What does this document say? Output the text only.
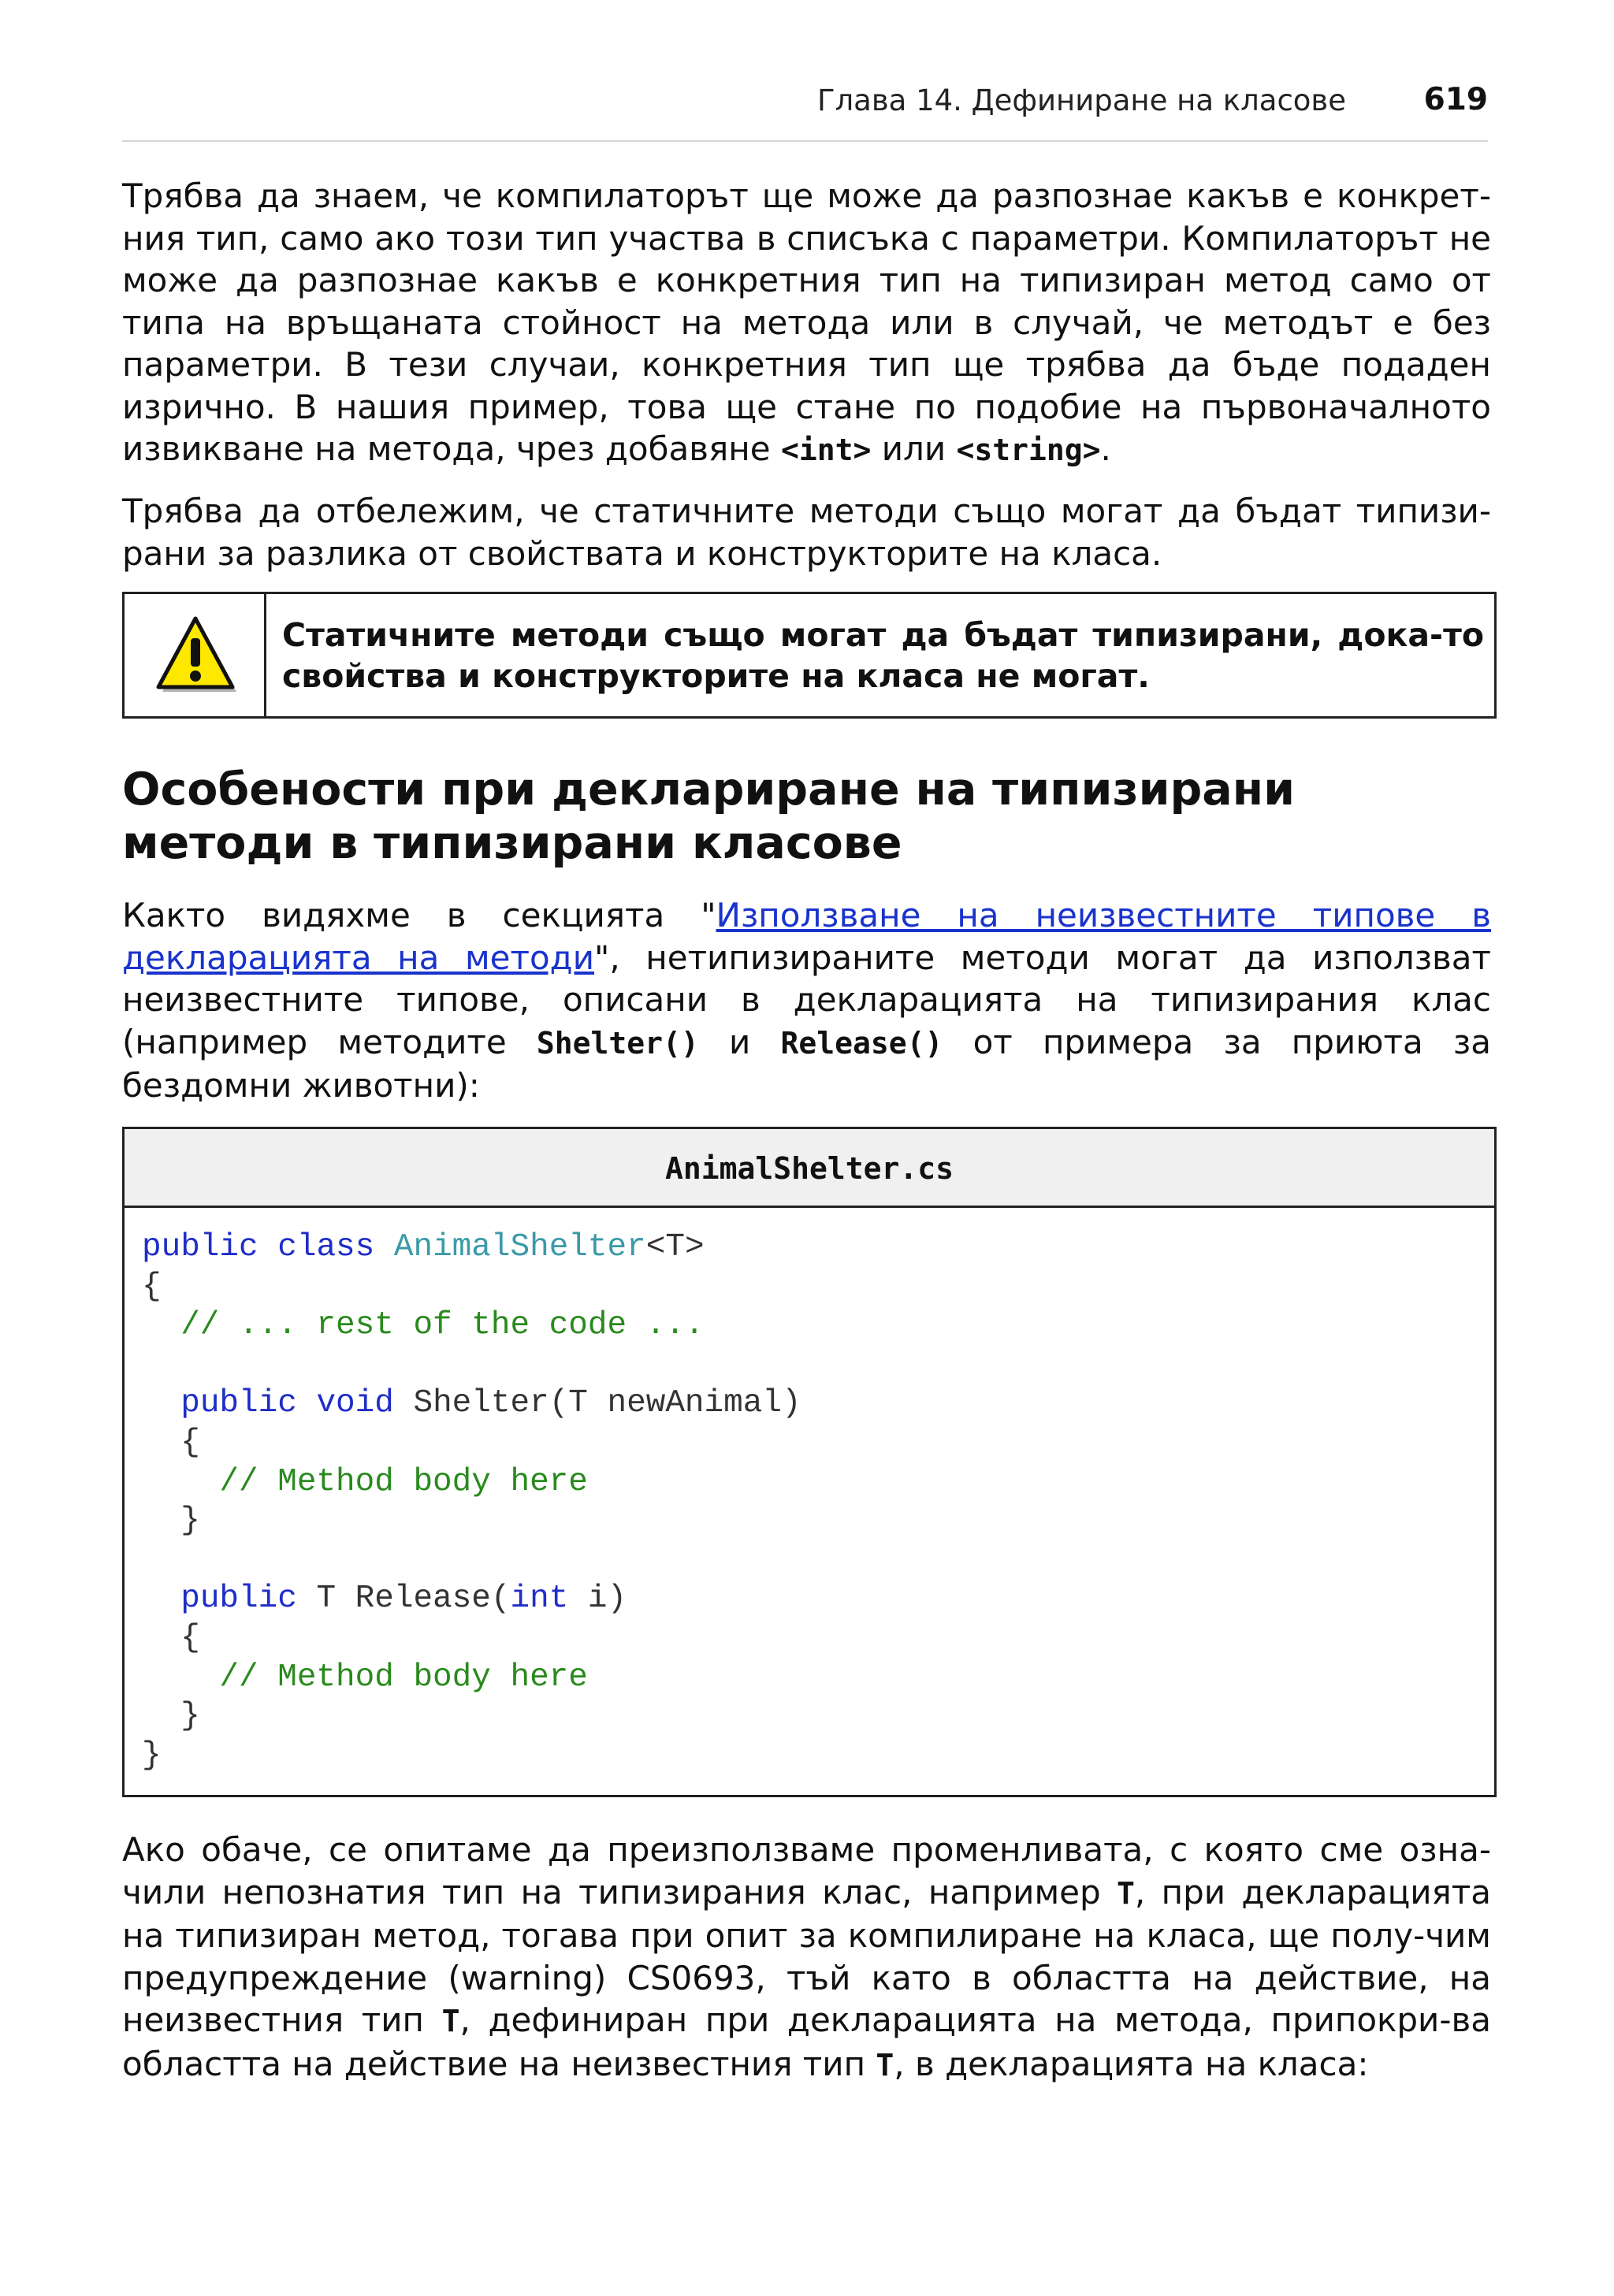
Глава 14. Дефиниране на класове	619

Трябва да знаем, че компилаторът ще може да разпознае какъв е конкрет-ния тип, само ако този тип участва в списъка с параметри. Компилаторът не може да разпознае какъв е конкретния тип на типизиран метод само от типа на връщаната стойност на метода или в случай, че методът е без параметри. В тези случаи, конкретния тип ще трябва да бъде подаден изрично. В нашия пример, това ще стане по подобие на първоначалното извикване на метода, чрез добавяне <int> или <string>.

Трябва да отбележим, че статичните методи също могат да бъдат типизи-рани за разлика от свойствата и конструкторите на класа.

Статичните методи също могат да бъдат типизирани, дока-то свойства и конструкторите на класа не могат.

Особености при деклариране на типизирани методи в типизирани класове

Както видяхме в секцията "Използване на неизвестните типове в декларацията на методи", нетипизираните методи могат да използват неизвестните типове, описани в декларацията на типизирания клас (например методите Shelter() и Release() от примера за приюта за бездомни животни):

AnimalShelter.cs
public class AnimalShelter<T>
{
// ... rest of the code ...
public void Shelter(T newAnimal)
{
// Method body here
}
public T Release(int i)
{
// Method body here
}
}

Ако обаче, се опитаме да преизползваме променливата, с която сме озна-чили непознатия тип на типизирания клас, например T, при декларацията на типизиран метод, тогава при опит за компилиране на класа, ще полу-чим предупреждение (warning) CS0693, тъй като в областта на действие, на неизвестния тип T, дефиниран при декларацията на метода, припокри-ва областта на действие на неизвестния тип T, в декларацията на класа:
